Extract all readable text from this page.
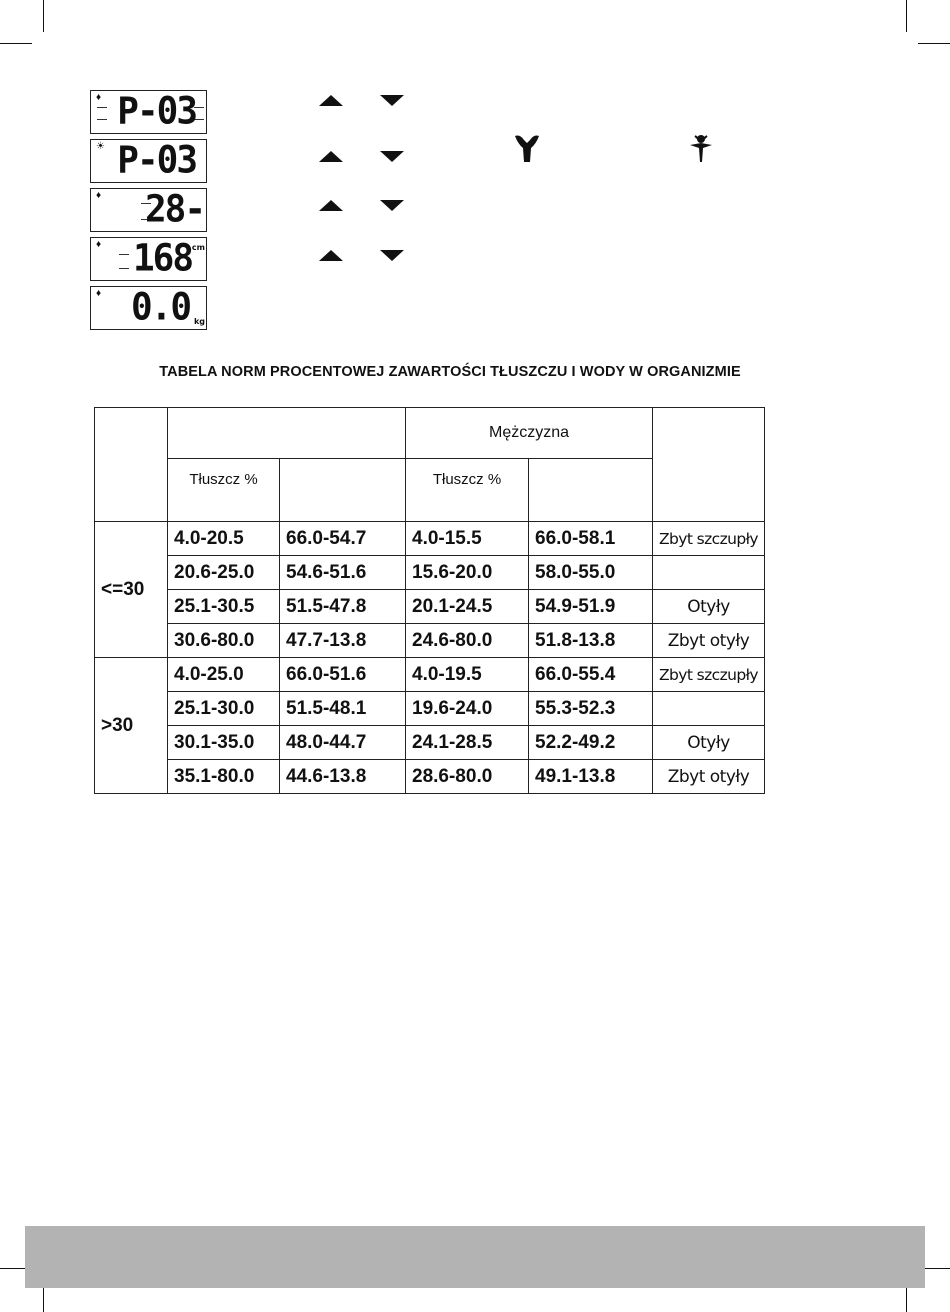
♦ P-03
☀ P-03
♦ 28-
♦ 168 cm
♦ 0.0 kg
TABELA NORM PROCENTOWEJ ZAWARTOŚCI TŁUSZCZU I WODY W ORGANIZMIE
			Mężczyzna		
	Tłuszcz %		Tłuszcz %		
<=30	4.0-20.5	66.0-54.7	4.0-15.5	66.0-58.1	Zbyt szczupły
	20.6-25.0	54.6-51.6	15.6-20.0	58.0-55.0	
	25.1-30.5	51.5-47.8	20.1-24.5	54.9-51.9	Otyły
	30.6-80.0	47.7-13.8	24.6-80.0	51.8-13.8	Zbyt otyły
>30	4.0-25.0	66.0-51.6	4.0-19.5	66.0-55.4	Zbyt szczupły
	25.1-30.0	51.5-48.1	19.6-24.0	55.3-52.3	
	30.1-35.0	48.0-44.7	24.1-28.5	52.2-49.2	Otyły
	35.1-80.0	44.6-13.8	28.6-80.0	49.1-13.8	Zbyt otyły
